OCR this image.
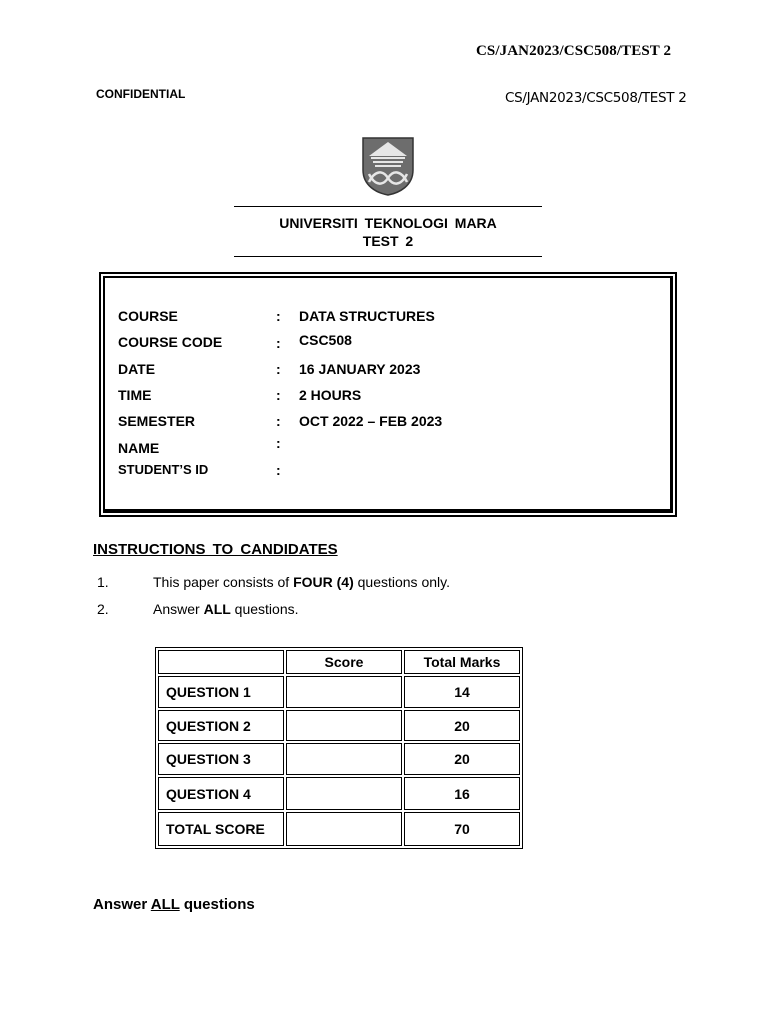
CS/JAN2023/CSC508/TEST 2
CONFIDENTIAL	CS/JAN2023/CSC508/TEST 2
UNIVERSITI TEKNOLOGI MARA
TEST 2
COURSE	: DATA STRUCTURES
COURSE CODE	: CSC508
DATE	: 16 JANUARY 2023
TIME	: 2 HOURS
SEMESTER	: OCT 2022 – FEB 2023
NAME	:
STUDENT’S ID	:
INSTRUCTIONS TO CANDIDATES
1.	This paper consists of FOUR (4) questions only.
2.	Answer ALL questions.
	Score	Total Marks
QUESTION 1		14
QUESTION 2		20
QUESTION 3		20
QUESTION 4		16
TOTAL SCORE		70
Answer ALL questions
